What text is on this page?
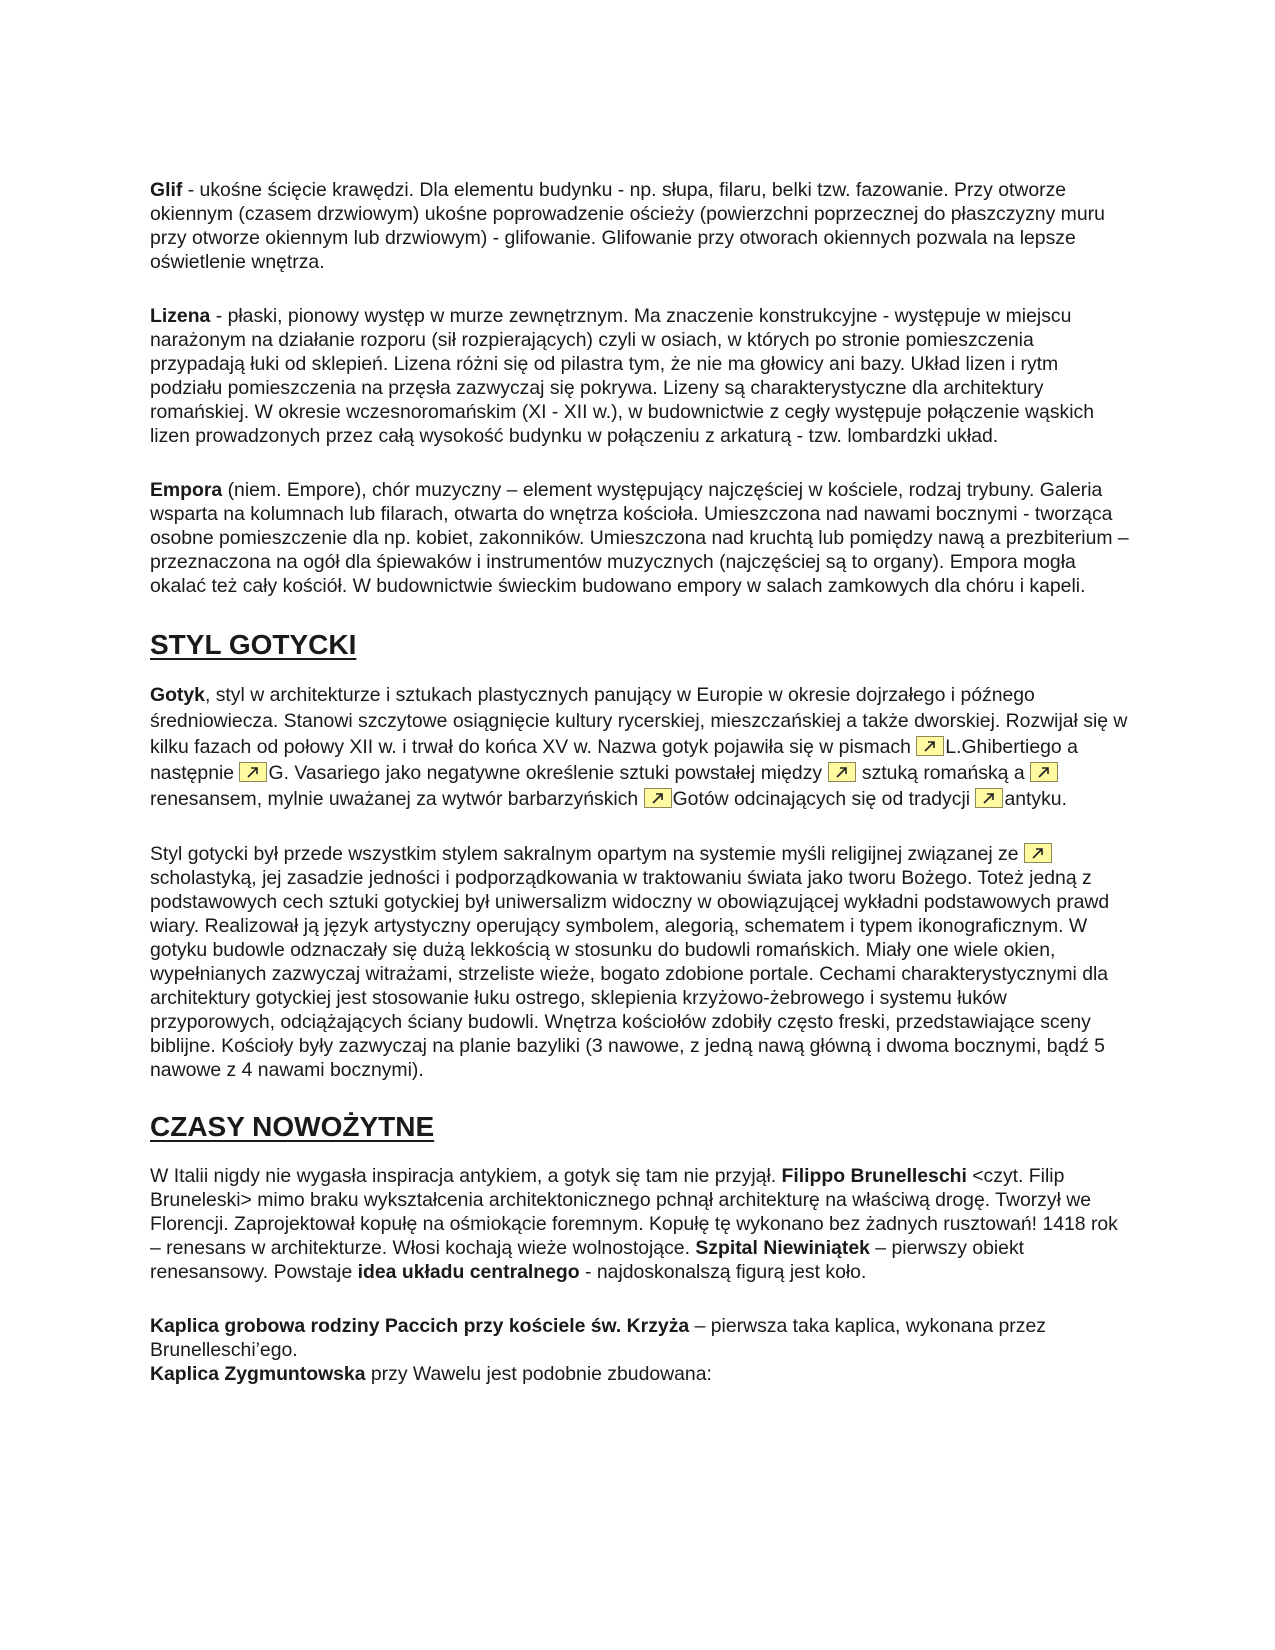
Glif - ukośne ścięcie krawędzi. Dla elementu budynku - np. słupa, filaru, belki tzw. fazowanie. Przy otworze okiennym (czasem drzwiowym) ukośne poprowadzenie ościeży (powierzchni poprzecznej do płaszczyzny muru przy otworze okiennym lub drzwiowym) - glifowanie. Glifowanie przy otworach okiennych pozwala na lepsze oświetlenie wnętrza.

Lizena - płaski, pionowy występ w murze zewnętrznym. Ma znaczenie konstrukcyjne - występuje w miejscu narażonym na działanie rozporu (sił rozpierających) czyli w osiach, w których po stronie pomieszczenia przypadają łuki od sklepień. Lizena różni się od pilastra tym, że nie ma głowicy ani bazy. Układ lizen i rytm podziału pomieszczenia na przęsła zazwyczaj się pokrywa. Lizeny są charakterystyczne dla architektury romańskiej. W okresie wczesnoromańskim (XI - XII w.), w budownictwie z cegły występuje połączenie wąskich lizen prowadzonych przez całą wysokość budynku w połączeniu z arkaturą - tzw. lombardzki układ.

Empora (niem. Empore), chór muzyczny – element występujący najczęściej w kościele, rodzaj trybuny. Galeria wsparta na kolumnach lub filarach, otwarta do wnętrza kościoła. Umieszczona nad nawami bocznymi - tworząca osobne pomieszczenie dla np. kobiet, zakonników. Umieszczona nad kruchtą lub pomiędzy nawą a prezbiterium – przeznaczona na ogół dla śpiewaków i instrumentów muzycznych (najczęściej są to organy). Empora mogła okalać też cały kościół. W budownictwie świeckim budowano empory w salach zamkowych dla chóru i kapeli.

STYL GOTYCKI

Gotyk, styl w architekturze i sztukach plastycznych panujący w Europie w okresie dojrzałego i późnego średniowiecza. Stanowi szczytowe osiągnięcie kultury rycerskiej, mieszczańskiej a także dworskiej. Rozwijał się w kilku fazach od połowy XII w. i trwał do końca XV w. Nazwa gotyk pojawiła się w pismach
L.Ghibertiego a następnie
G. Vasariego jako negatywne określenie sztuki powstałej między
sztuką romańską a
renesansem, mylnie uważanej za wytwór barbarzyńskich
Gotów odcinających się od tradycji
antyku.

Styl gotycki był przede wszystkim stylem sakralnym opartym na systemie myśli religijnej związanej ze
scholastyką, jej zasadzie jedności i podporządkowania w traktowaniu świata jako tworu Bożego. Toteż jedną z podstawowych cech sztuki gotyckiej był uniwersalizm widoczny w obowiązującej wykładni podstawowych prawd wiary. Realizował ją język artystyczny operujący symbolem, alegorią, schematem i typem ikonograficznym. W gotyku budowle odznaczały się dużą lekkością w stosunku do budowli romańskich. Miały one wiele okien, wypełnianych zazwyczaj witrażami, strzeliste wieże, bogato zdobione portale. Cechami charakterystycznymi dla architektury gotyckiej jest stosowanie łuku ostrego, sklepienia krzyżowo-żebrowego i systemu łuków przyporowych, odciążających ściany budowli. Wnętrza kościołów zdobiły często freski, przedstawiające sceny biblijne. Kościoły były zazwyczaj na planie bazyliki (3 nawowe, z jedną nawą główną i dwoma bocznymi, bądź 5 nawowe z 4 nawami bocznymi).

CZASY NOWOŻYTNE

W Italii nigdy nie wygasła inspiracja antykiem, a gotyk się tam nie przyjął. Filippo Brunelleschi <czyt. Filip Bruneleski> mimo braku wykształcenia architektonicznego pchnął architekturę na właściwą drogę. Tworzył we Florencji. Zaprojektował kopułę na ośmiokącie foremnym. Kopułę tę wykonano bez żadnych rusztowań! 1418 rok – renesans w architekturze. Włosi kochają wieże wolnostojące. Szpital Niewiniątek – pierwszy obiekt renesansowy. Powstaje idea układu centralnego - najdoskonalszą figurą jest koło.

Kaplica grobowa rodziny Paccich przy kościele św. Krzyża – pierwsza taka kaplica, wykonana przez Brunelleschi’ego.

Kaplica Zygmuntowska przy Wawelu jest podobnie zbudowana:
